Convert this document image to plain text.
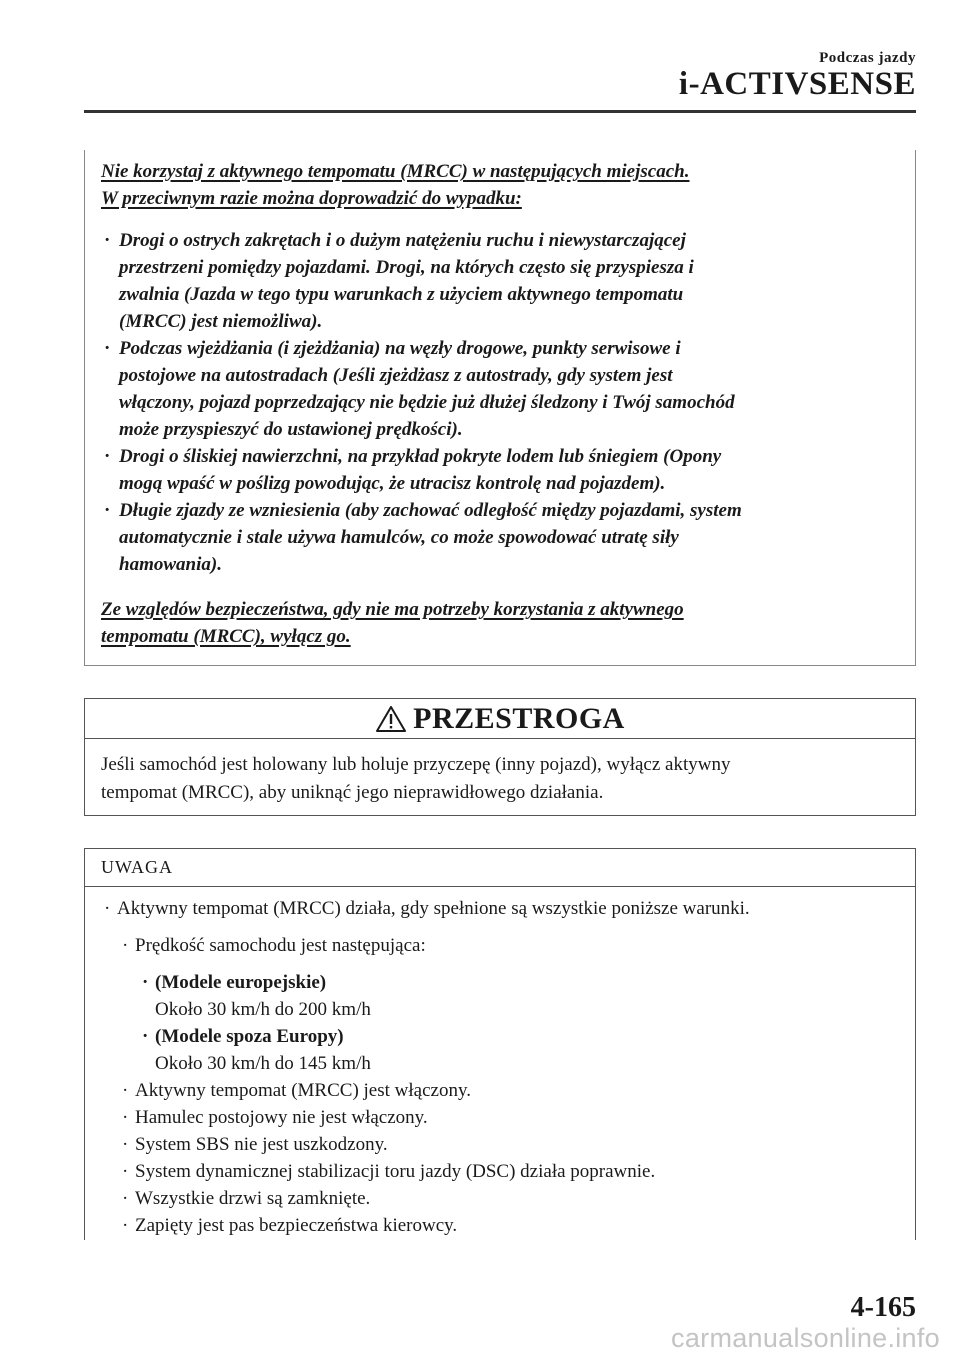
Podczas jazdy
i-ACTIVSENSE
Nie korzystaj z aktywnego tempomatu (MRCC) w następujących miejscach.
W przeciwnym razie można doprowadzić do wypadku:
· Drogi o ostrych zakrętach i o dużym natężeniu ruchu i niewystarczającej
przestrzeni pomiędzy pojazdami. Drogi, na których często się przyspiesza i
zwalnia (Jazda w tego typu warunkach z użyciem aktywnego tempomatu
(MRCC) jest niemożliwa).
· Podczas wjeżdżania (i zjeżdżania) na węzły drogowe, punkty serwisowe i
postojowe na autostradach (Jeśli zjeżdżasz z autostrady, gdy system jest
włączony, pojazd poprzedzający nie będzie już dłużej śledzony i Twój samochód
może przyspieszyć do ustawionej prędkości).
· Drogi o śliskiej nawierzchni, na przykład pokryte lodem lub śniegiem (Opony
mogą wpaść w poślizg powodując, że utracisz kontrolę nad pojazdem).
· Długie zjazdy ze wzniesienia (aby zachować odległość między pojazdami, system
automatycznie i stale używa hamulców, co może spowodować utratę siły
hamowania).
Ze względów bezpieczeństwa, gdy nie ma potrzeby korzystania z aktywnego
tempomatu (MRCC), wyłącz go.
PRZESTROGA
Jeśli samochód jest holowany lub holuje przyczepę (inny pojazd), wyłącz aktywny
tempomat (MRCC), aby uniknąć jego nieprawidłowego działania.
UWAGA
· Aktywny tempomat (MRCC) działa, gdy spełnione są wszystkie poniższe warunki.
· Prędkość samochodu jest następująca:
· (Modele europejskie)
Około 30 km/h do 200 km/h
· (Modele spoza Europy)
Około 30 km/h do 145 km/h
· Aktywny tempomat (MRCC) jest włączony.
· Hamulec postojowy nie jest włączony.
· System SBS nie jest uszkodzony.
· System dynamicznej stabilizacji toru jazdy (DSC) działa poprawnie.
· Wszystkie drzwi są zamknięte.
· Zapięty jest pas bezpieczeństwa kierowcy.
4-165
carmanualsonline.info
